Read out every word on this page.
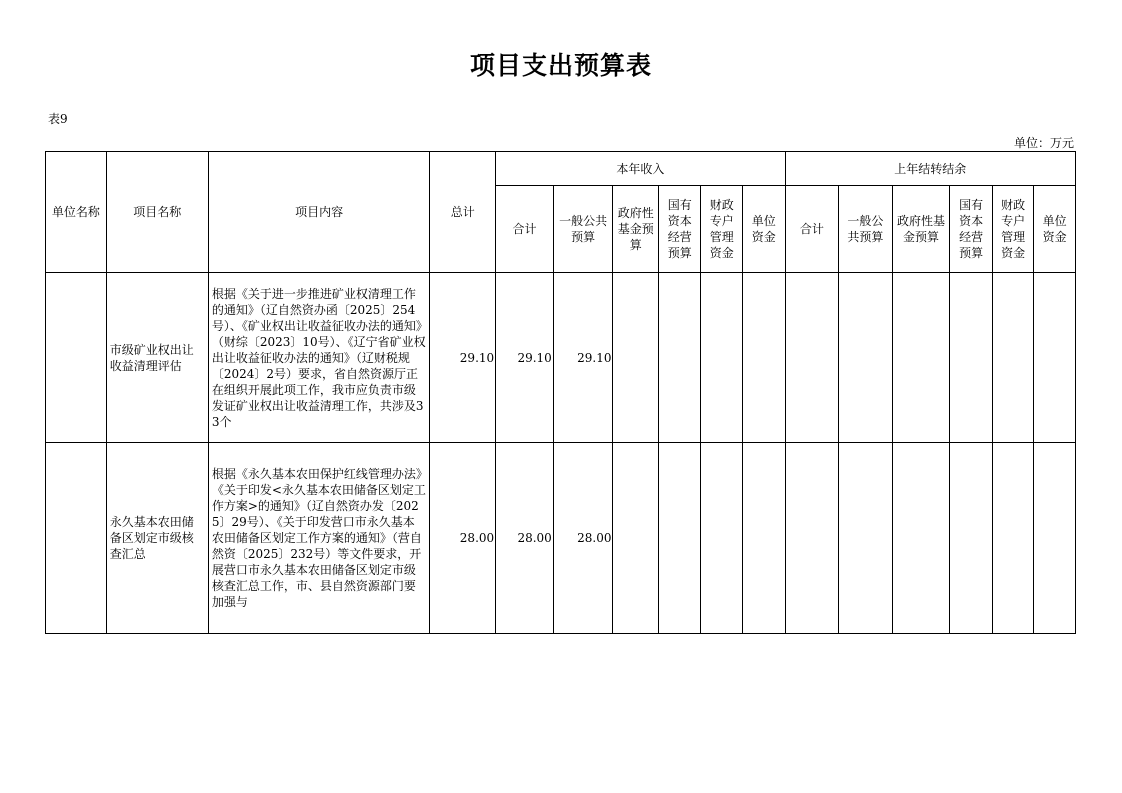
项目支出预算表
表9
单位：万元
单位名称	项目名称	项目内容	总计	本年收入						上年结转结余					
				合计	一般公共预算	政府性基金预算	国有资本经营预算	财政专户管理资金	单位资金	合计	一般公共预算	政府性基金预算	国有资本经营预算	财政专户管理资金	单位资金
	市级矿业权出让收益清理评估	根据《关于进一步推进矿业权清理工作的通知》（辽自然资办函〔2025〕254号）、《矿业权出让收益征收办法的通知》（财综〔2023〕10号）、《辽宁省矿业权出让收益征收办法的通知》（辽财税规〔2024〕2号）要求，省自然资源厅正在组织开展此项工作，我市应负责市级发证矿业权出让收益清理工作，共涉及33个	29.10	29.10	29.10										
	永久基本农田储备区划定市级核查汇总	根据《永久基本农田保护红线管理办法》《关于印发<永久基本农田储备区划定工作方案>的通知》（辽自然资办发〔2025〕29号）、《关于印发营口市永久基本农田储备区划定工作方案的通知》（营自然资〔2025〕232号）等文件要求，开展营口市永久基本农田储备区划定市级核查汇总工作，市、县自然资源部门要加强与	28.00	28.00	28.00										
